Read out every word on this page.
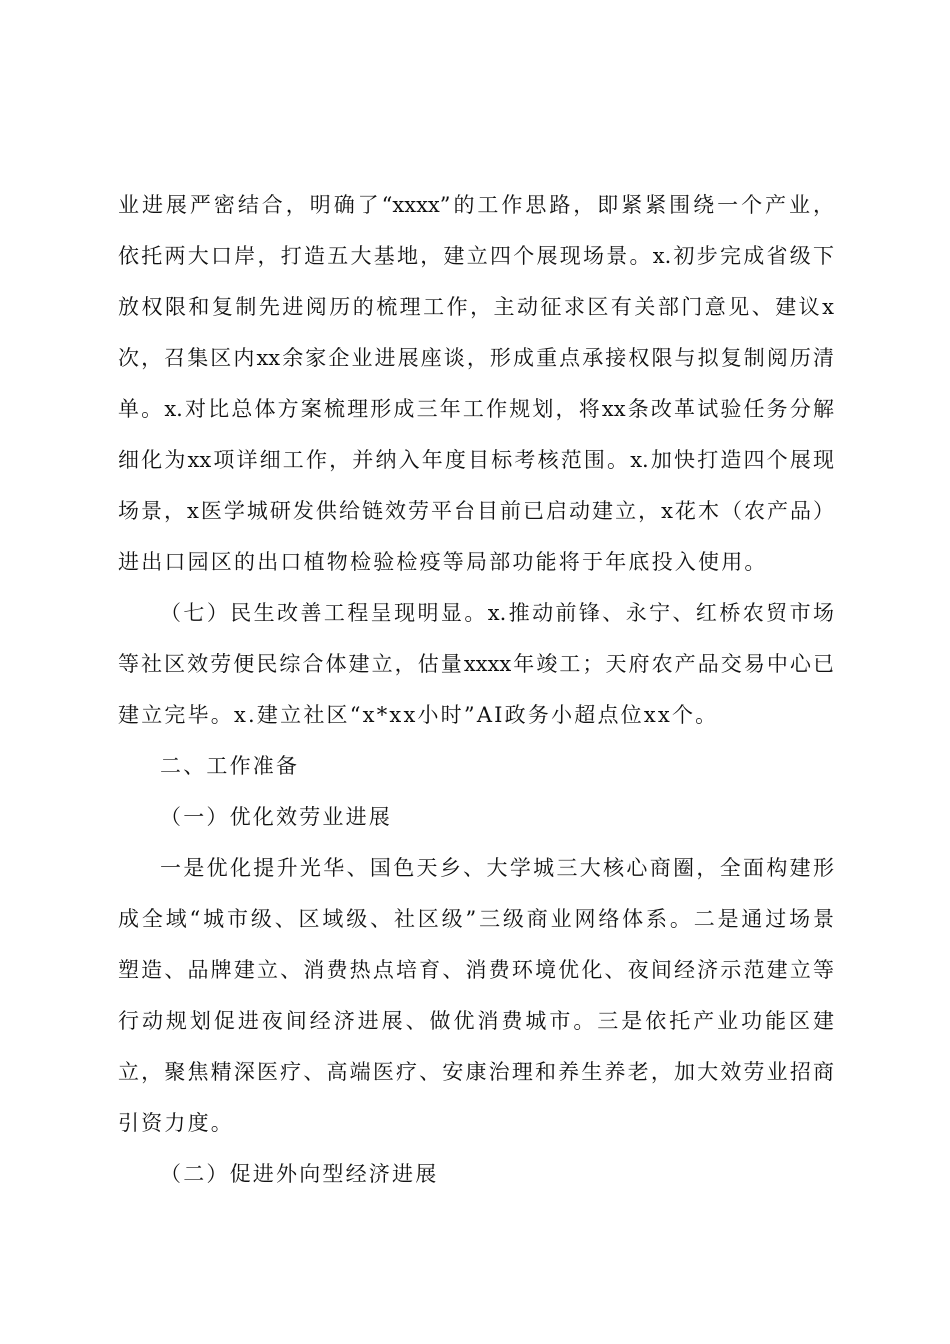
业进展严密结合，明确了“xxxx”的工作思路，即紧紧围绕一个产业，
依托两大口岸，打造五大基地，建立四个展现场景。x.初步完成省级下
放权限和复制先进阅历的梳理工作，主动征求区有关部门意见、建议x
次，召集区内xx余家企业进展座谈，形成重点承接权限与拟复制阅历清
单。x.对比总体方案梳理形成三年工作规划，将xx条改革试验任务分解
细化为xx项详细工作，并纳入年度目标考核范围。x.加快打造四个展现
场景，x医学城研发供给链效劳平台目前已启动建立，x花木（农产品）
进出口园区的出口植物检验检疫等局部功能将于年底投入使用。
（七）民生改善工程呈现明显。x.推动前锋、永宁、红桥农贸市场
等社区效劳便民综合体建立，估量xxxx年竣工；天府农产品交易中心已
建立完毕。x.建立社区“x*xx小时”AI政务小超点位xx个。
二、工作准备
（一）优化效劳业进展
一是优化提升光华、国色天乡、大学城三大核心商圈，全面构建形
成全域“城市级、区域级、社区级”三级商业网络体系。二是通过场景
塑造、品牌建立、消费热点培育、消费环境优化、夜间经济示范建立等
行动规划促进夜间经济进展、做优消费城市。三是依托产业功能区建
立，聚焦精深医疗、高端医疗、安康治理和养生养老，加大效劳业招商
引资力度。
（二）促进外向型经济进展
